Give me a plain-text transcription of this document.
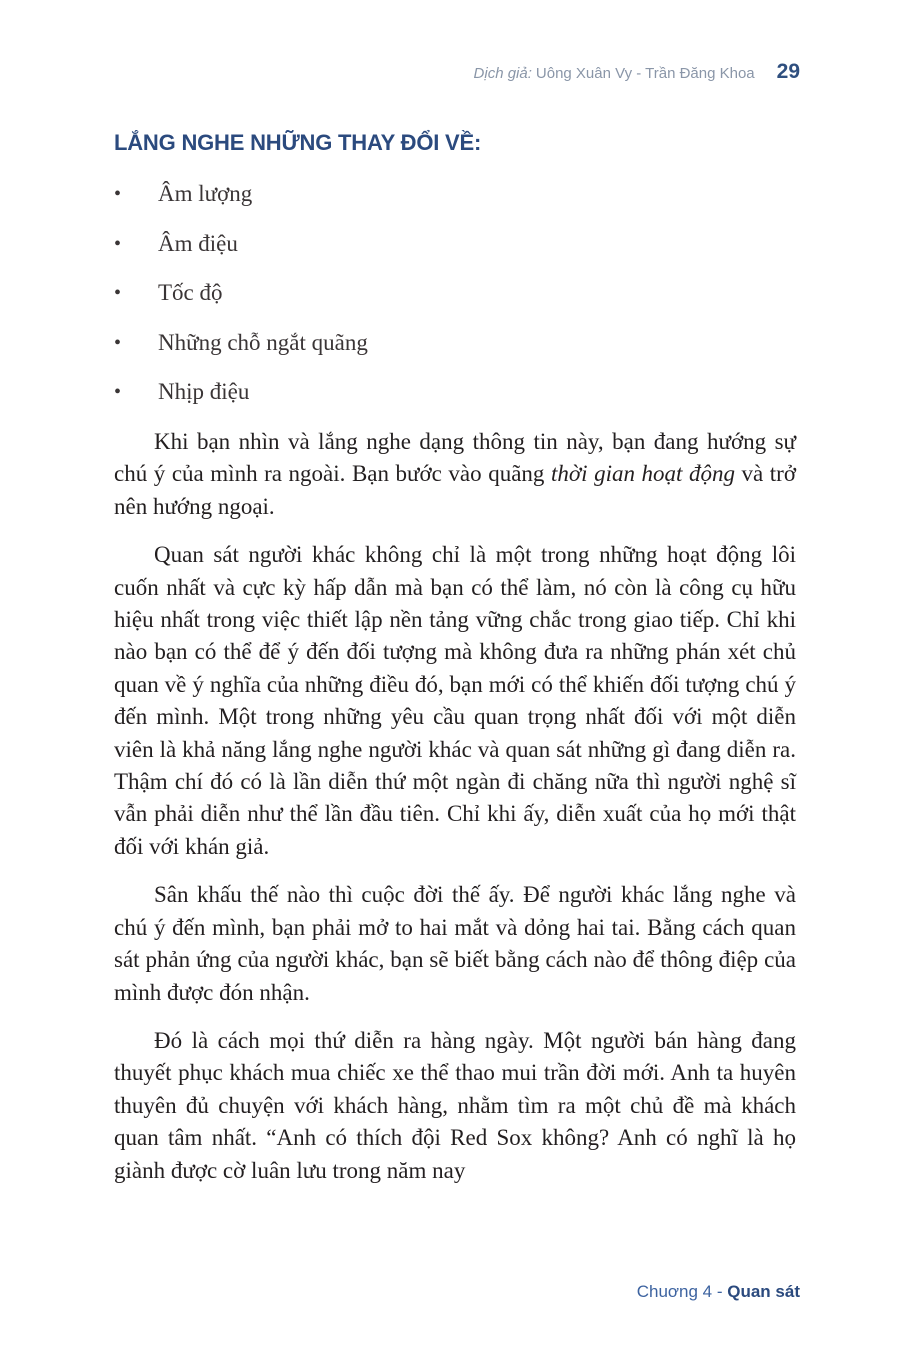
Dịch giả: Uông Xuân Vy - Trần Đăng Khoa 29
LẮNG NGHE NHỮNG THAY ĐỔI VỀ:
•	Âm lượng
•	Âm điệu
•	Tốc độ
•	Những chỗ ngắt quãng
•	Nhịp điệu

Khi bạn nhìn và lắng nghe dạng thông tin này, bạn đang hướng sự chú ý của mình ra ngoài. Bạn bước vào quãng thời gian hoạt động và trở nên hướng ngoại.

Quan sát người khác không chỉ là một trong những hoạt động lôi cuốn nhất và cực kỳ hấp dẫn mà bạn có thể làm, nó còn là công cụ hữu hiệu nhất trong việc thiết lập nền tảng vững chắc trong giao tiếp. Chỉ khi nào bạn có thể để ý đến đối tượng mà không đưa ra những phán xét chủ quan về ý nghĩa của những điều đó, bạn mới có thể khiến đối tượng chú ý đến mình. Một trong những yêu cầu quan trọng nhất đối với một diễn viên là khả năng lắng nghe người khác và quan sát những gì đang diễn ra. Thậm chí đó có là lần diễn thứ một ngàn đi chăng nữa thì người nghệ sĩ vẫn phải diễn như thể lần đầu tiên. Chỉ khi ấy, diễn xuất của họ mới thật đối với khán giả.

Sân khấu thế nào thì cuộc đời thế ấy. Để người khác lắng nghe và chú ý đến mình, bạn phải mở to hai mắt và dỏng hai tai. Bằng cách quan sát phản ứng của người khác, bạn sẽ biết bằng cách nào để thông điệp của mình được đón nhận.

Đó là cách mọi thứ diễn ra hàng ngày. Một người bán hàng đang thuyết phục khách mua chiếc xe thể thao mui trần đời mới. Anh ta huyên thuyên đủ chuyện với khách hàng, nhằm tìm ra một chủ đề mà khách quan tâm nhất. “Anh có thích đội Red Sox không? Anh có nghĩ là họ giành được cờ luân lưu trong năm nay

Chuơng 4 - Quan sát
